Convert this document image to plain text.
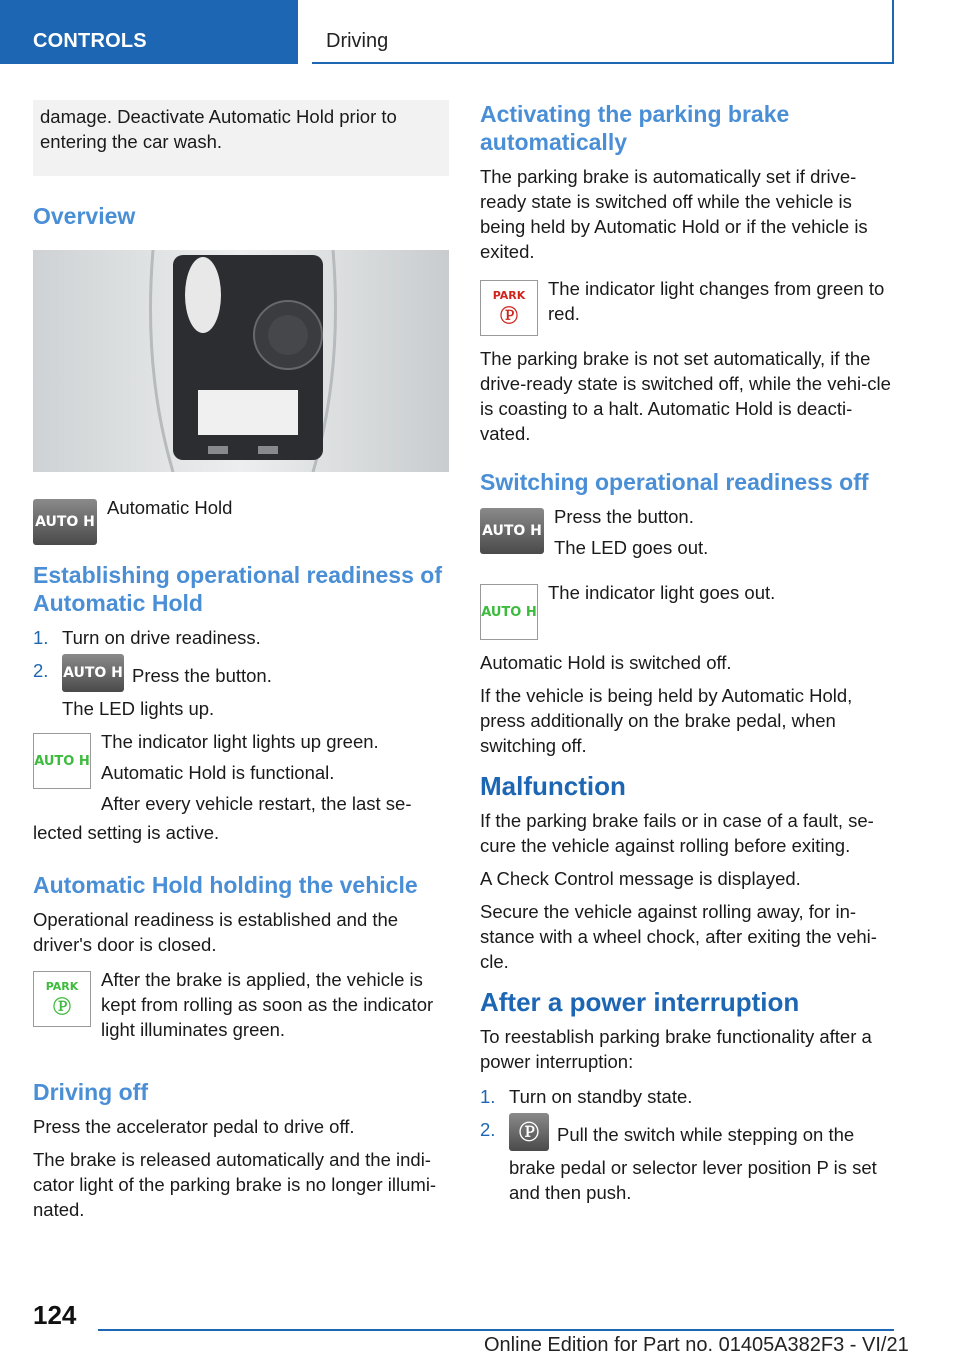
CONTROLS	Driving
damage. Deactivate Automatic Hold prior to entering the car wash.
Overview
AUTO H

Automatic Hold

Establishing operational readiness of Automatic Hold
1. Turn on drive readiness.
2. AUTO H Press the button.
The LED lights up.
AUTO H

The indicator light lights up green.

Automatic Hold is functional.

After every vehicle restart, the last se-

lected setting is active.

Automatic Hold holding the vehicle

Operational readiness is established and the driver's door is closed.

PARK
Ⓟ

After the brake is applied, the vehicle is kept from rolling as soon as the indicator light illuminates green.

Driving off

Press the accelerator pedal to drive off.

The brake is released automatically and the indi-cator light of the parking brake is no longer illumi-nated.

Activating the parking brake automatically

The parking brake is automatically set if drive-ready state is switched off while the vehicle is being held by Automatic Hold or if the vehicle is exited.

PARK
Ⓟ

The indicator light changes from green to red.

The parking brake is not set automatically, if the drive-ready state is switched off, while the vehi-cle is coasting to a halt. Automatic Hold is deacti-vated.

Switching operational readiness off
AUTO H

Press the button.

The LED goes out.

AUTO H

The indicator light goes out.

Automatic Hold is switched off.

If the vehicle is being held by Automatic Hold, press additionally on the brake pedal, when switching off.

Malfunction

If the parking brake fails or in case of a fault, se-cure the vehicle against rolling before exiting.

A Check Control message is displayed.

Secure the vehicle against rolling away, for in-stance with a wheel chock, after exiting the vehi-cle.

After a power interruption

To reestablish parking brake functionality after a power interruption:

1. Turn on standby state.
2.	Ⓟ Pull the switch while stepping on the brake pedal or selector lever position P is set and then push.
124
Online Edition for Part no. 01405A382F3 - VI/21
